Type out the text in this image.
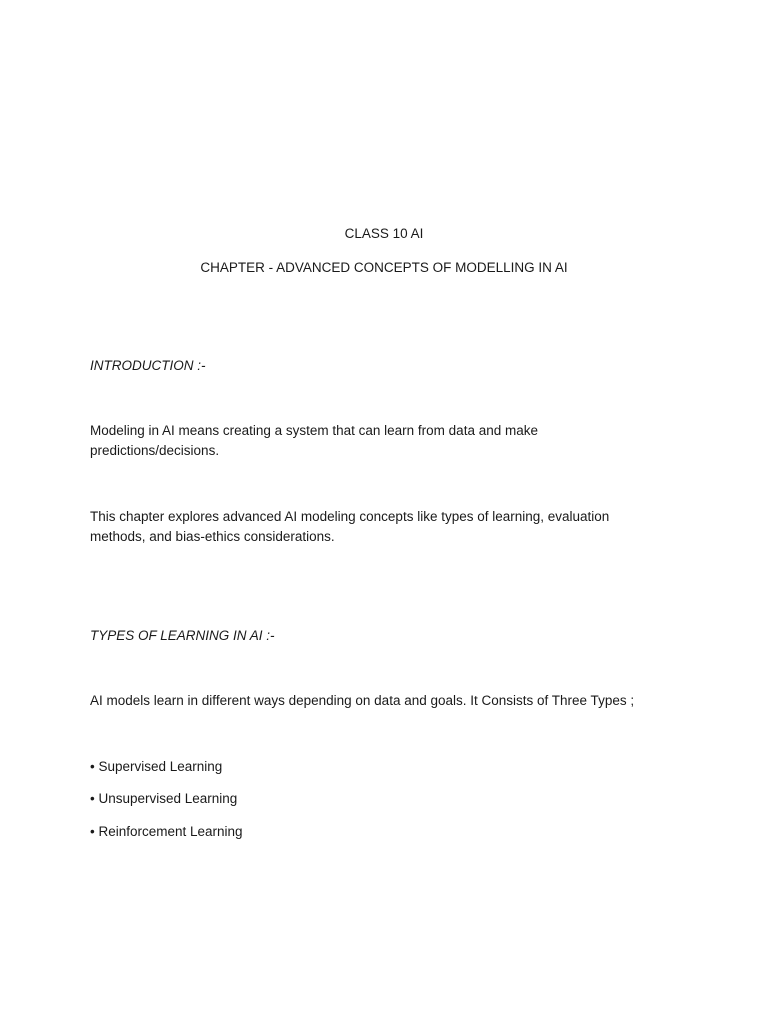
CLASS 10 AI
CHAPTER - ADVANCED CONCEPTS OF MODELLING IN AI
INTRODUCTION :-
Modeling in AI means creating a system that can learn from data and make
predictions/decisions.
This chapter explores advanced AI modeling concepts like types of learning, evaluation
methods, and bias-ethics considerations.
TYPES OF LEARNING IN AI :-
AI models learn in different ways depending on data and goals. It Consists of Three Types ;
• Supervised Learning
• Unsupervised Learning
• Reinforcement Learning
